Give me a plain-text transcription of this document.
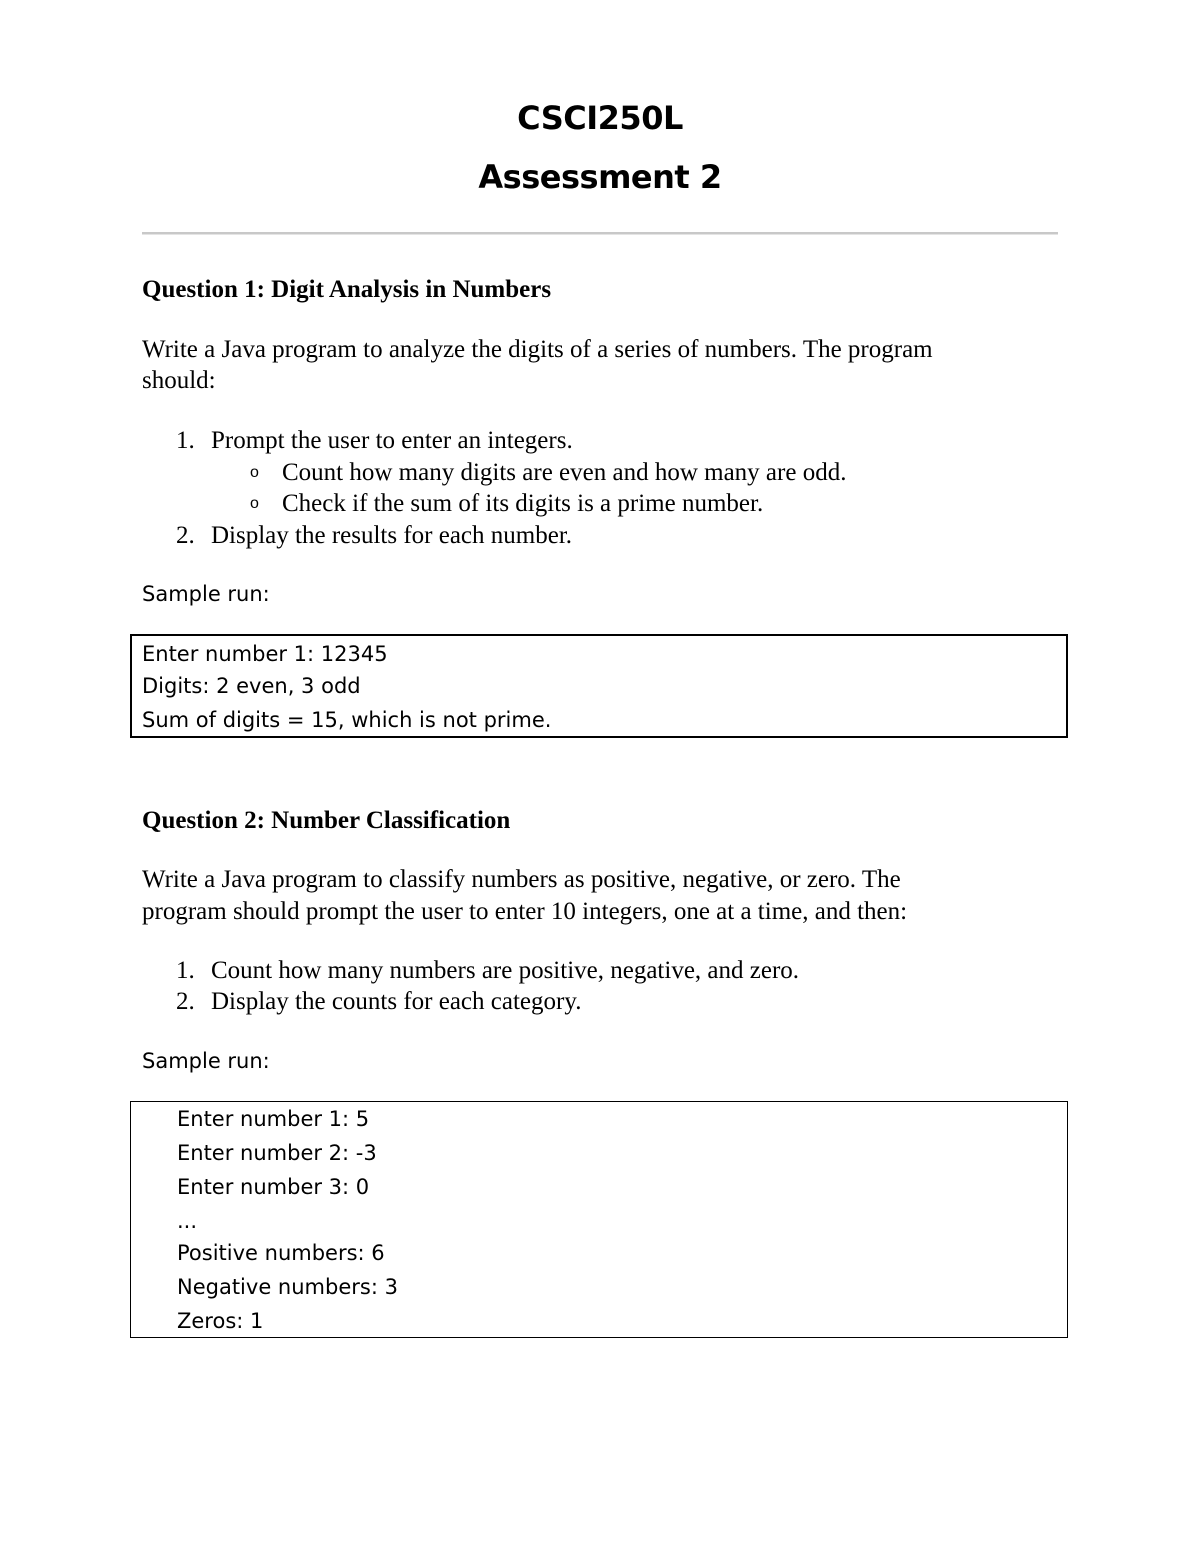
CSCI250L
Assessment 2
Question 1: Digit Analysis in Numbers
Write a Java program to analyze the digits of a series of numbers. The program
should:
1. Prompt the user to enter an integers.
o Count how many digits are even and how many are odd.
o Check if the sum of its digits is a prime number.
2. Display the results for each number.
Sample run:
Enter number 1: 12345
Digits: 2 even, 3 odd
Sum of digits = 15, which is not prime.
Question 2: Number Classification
Write a Java program to classify numbers as positive, negative, or zero. The
program should prompt the user to enter 10 integers, one at a time, and then:
1. Count how many numbers are positive, negative, and zero.
2. Display the counts for each category.
Sample run:
Enter number 1: 5
Enter number 2: -3
Enter number 3: 0
...
Positive numbers: 6
Negative numbers: 3
Zeros: 1
